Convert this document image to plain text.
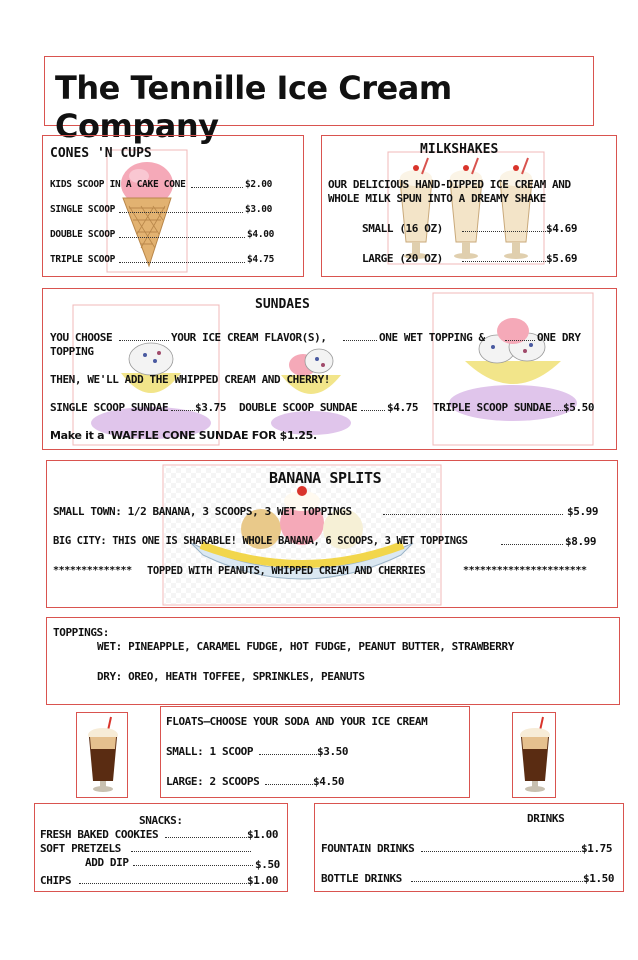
The Tennille Ice Cream Company
CONES 'N CUPS
KIDS SCOOP IN A CAKE CONE	$2.00
SINGLE SCOOP	$3.00
DOUBLE SCOOP	$4.00
TRIPLE SCOOP	$4.75
MILKSHAKES
OUR DELICIOUS HAND-DIPPED ICE CREAM AND
WHOLE MILK SPUN INTO A DREAMY SHAKE
SMALL (16 OZ)	$4.69
LARGE (20 OZ)	$5.69
SUNDAES
YOU CHOOSE	YOUR ICE CREAM FLAVOR(S),	ONE WET TOPPING &	ONE DRY
TOPPING
THEN, WE'LL ADD THE WHIPPED CREAM AND CHERRY!
SINGLE SCOOP SUNDAE $3.75 DOUBLE SCOOP SUNDAE	$4.75 TRIPLE SCOOP SUNDAE $5.50
Make it a 'WAFFLE CONE SUNDAE FOR $1.25.
BANANA SPLITS
SMALL TOWN: 1/2 BANANA, 3 SCOOPS, 3 WET TOPPINGS	$5.99
BIG CITY: THIS ONE IS SHARABLE! WHOLE BANANA, 6 SCOOPS, 3 WET TOPPINGS	$8.99
************** TOPPED WITH PEANUTS, WHIPPED CREAM AND CHERRIES	**********************
TOPPINGS:
WET: PINEAPPLE, CARAMEL FUDGE, HOT FUDGE, PEANUT BUTTER, STRAWBERRY
DRY: OREO, HEATH TOFFEE, SPRINKLES, PEANUTS
FLOATS—CHOOSE YOUR SODA AND YOUR ICE CREAM
SMALL: 1 SCOOP	$3.50
LARGE: 2 SCOOPS	$4.50
SNACKS:
FRESH BAKED COOKIES	$1.00
SOFT PRETZELS
ADD DIP	$.50
CHIPS	$1.00
DRINKS
FOUNTAIN DRINKS	$1.75
BOTTLE DRINKS	$1.50
